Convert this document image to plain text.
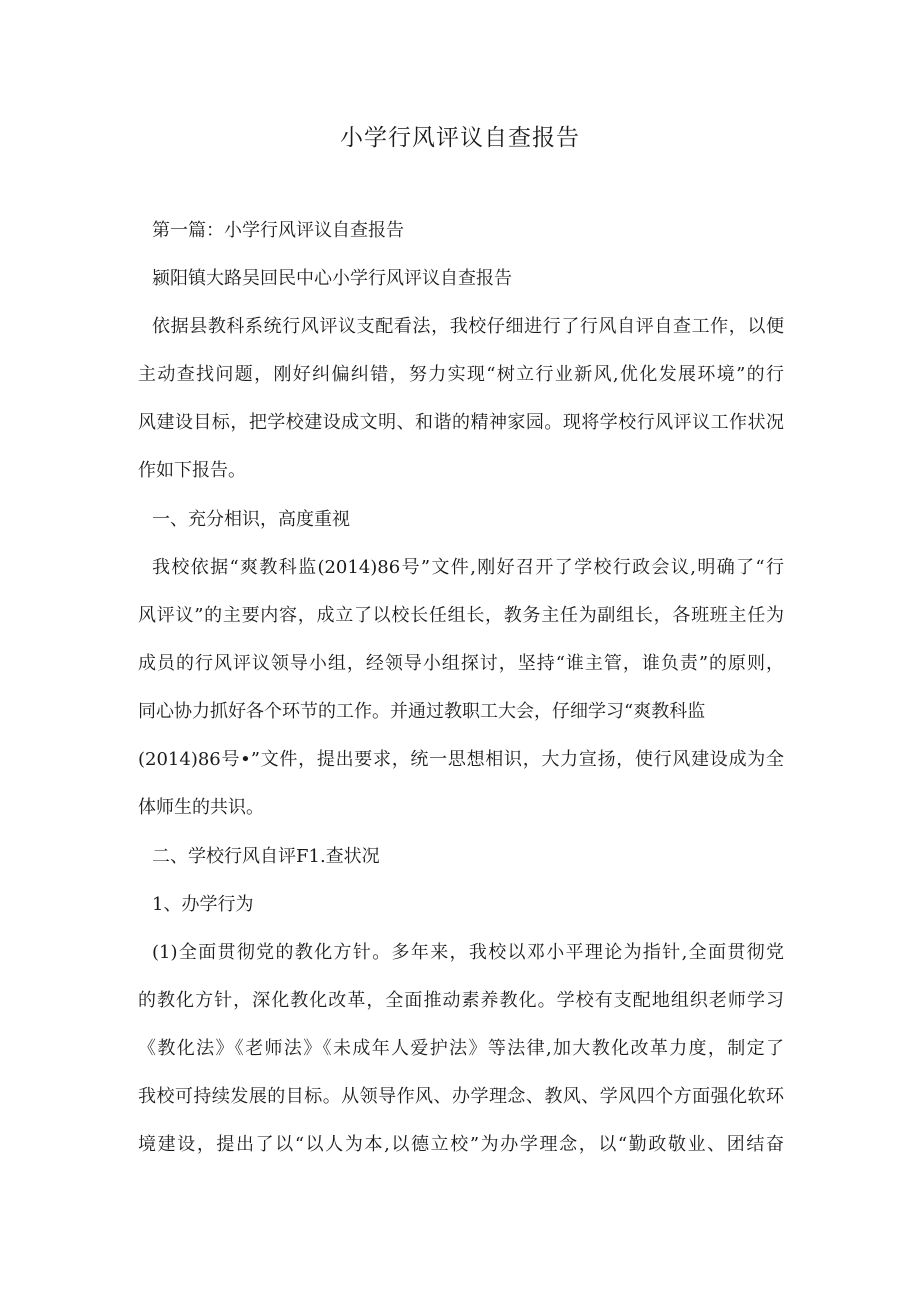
小学行风评议自查报告
第一篇：小学行风评议自查报告
颍阳镇大路吴回民中心小学行风评议自查报告
依据县教科系统行风评议支配看法，我校仔细进行了行风自评自查工作，以便
主动查找问题，刚好纠偏纠错，努力实现“树立行业新风,优化发展环境”的行
风建设目标，把学校建设成文明、和谐的精神家园。现将学校行风评议工作状况
作如下报告。
一、充分相识，高度重视
我校依据“爽教科监(2014)86号”文件,刚好召开了学校行政会议,明确了“行
风评议”的主要内容，成立了以校长任组长，教务主任为副组长，各班班主任为
成员的行风评议领导小组，经领导小组探讨，坚持“谁主管，谁负责”的原则，
同心协力抓好各个环节的工作。并通过教职工大会，仔细学习“爽教科监
(2014)86号•”文件，提出要求，统一思想相识，大力宣扬，使行风建设成为全
体师生的共识。
二、学校行风自评F1.查状况
1、办学行为
(1)全面贯彻党的教化方针。多年来，我校以邓小平理论为指针,全面贯彻党
的教化方针，深化教化改革，全面推动素养教化。学校有支配地组织老师学习
《教化法》《老师法》《未成年人爱护法》等法律,加大教化改革力度，制定了
我校可持续发展的目标。从领导作风、办学理念、教风、学风四个方面强化软环
境建设，提出了以“以人为本,以德立校”为办学理念，以“勤政敬业、团结奋
